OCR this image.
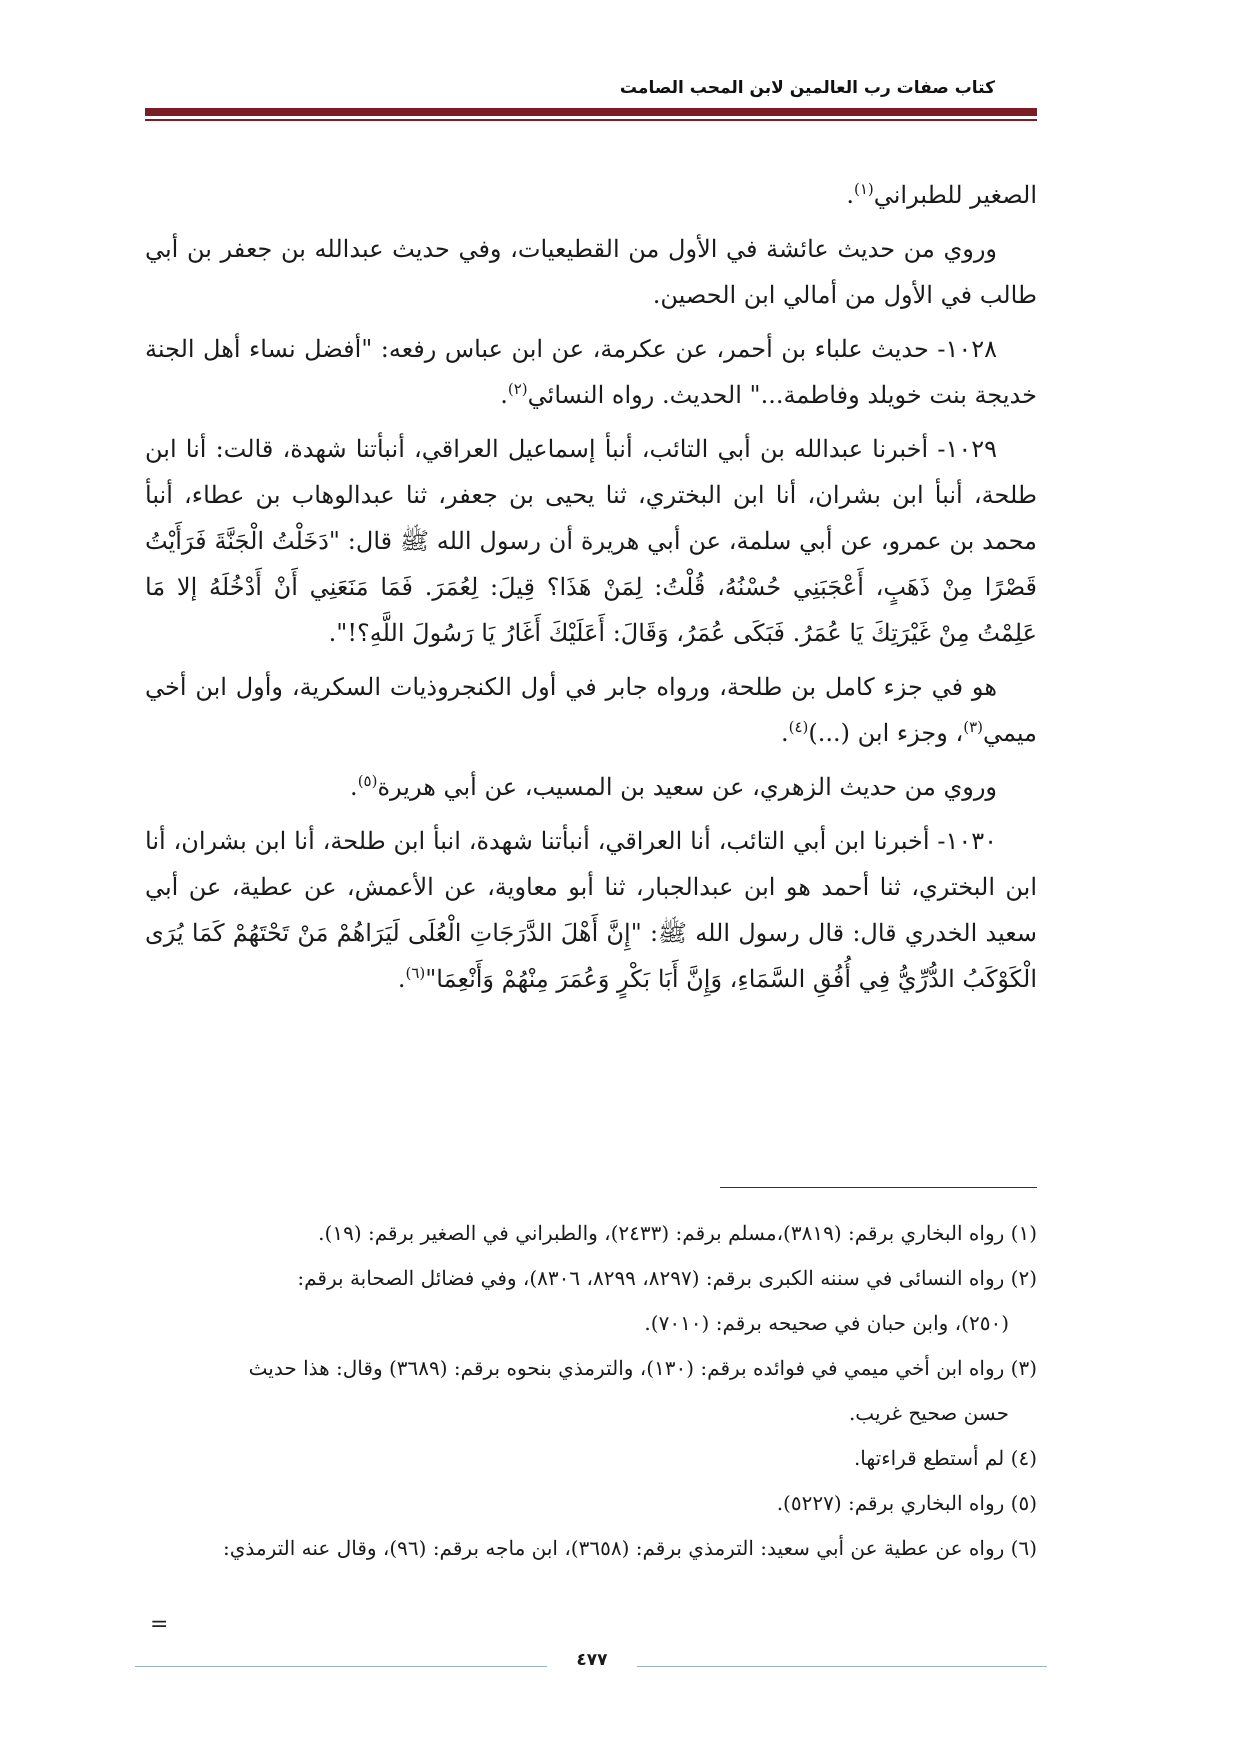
كتاب صفات رب العالمين لابن المحب الصامت

الصغير للطبراني$^{(١)}$.

وروي من حديث عائشة في الأول من القطيعيات، وفي حديث عبدالله بن جعفر بن أبي طالب في الأول من أمالي ابن الحصين.

١٠٢٨- حديث علباء بن أحمر، عن عكرمة، عن ابن عباس رفعه: "أفضل نساء أهل الجنة خديجة بنت خويلد وفاطمة..." الحديث. رواه النسائي$^{(٢)}$.

١٠٢٩- أخبرنا عبدالله بن أبي التائب، أنبأ إسماعيل العراقي، أنبأتنا شهدة، قالت: أنا ابن طلحة، أنبأ ابن بشران، أنا ابن البختري، ثنا يحيى بن جعفر، ثنا عبدالوهاب بن عطاء، أنبأ محمد بن عمرو، عن أبي سلمة، عن أبي هريرة أن رسول الله ﷺ قال: "دَخَلْتُ الْجَنَّةَ فَرَأَيْتُ قَصْرًا مِنْ ذَهَبٍ، أَعْجَبَنِي حُسْنُهُ، قُلْتُ: لِمَنْ هَذَا؟ قِيلَ: لِعُمَرَ. فَمَا مَنَعَنِي أَنْ أَدْخُلَهُ إلا مَا عَلِمْتُ مِنْ غَيْرَتِكَ يَا عُمَرُ. فَبَكَى عُمَرُ، وَقَالَ: أَعَلَيْكَ أَغَارُ يَا رَسُولَ اللَّهِ؟!".

هو في جزء كامل بن طلحة، ورواه جابر في أول الكنجروذيات السكرية، وأول ابن أخي ميمي$^{(٣)}$، وجزء ابن (...)$^{(٤)}$.

وروي من حديث الزهري، عن سعيد بن المسيب، عن أبي هريرة$^{(٥)}$.

١٠٣٠- أخبرنا ابن أبي التائب، أنا العراقي، أنبأتنا شهدة، انبأ ابن طلحة، أنا ابن بشران، أنا ابن البختري، ثنا أحمد هو ابن عبدالجبار، ثنا أبو معاوية، عن الأعمش، عن عطية، عن أبي سعيد الخدري قال: قال رسول الله ﷺ: "إِنَّ أَهْلَ الدَّرَجَاتِ الْعُلَى لَيَرَاهُمْ مَنْ تَحْتَهُمْ كَمَا يُرَى الْكَوْكَبُ الدُّرِّيُّ فِي أُفُقِ السَّمَاءِ، وَإِنَّ أَبَا بَكْرٍ وَعُمَرَ مِنْهُمْ وَأَنْعِمَا"$^{(٦)}$.

(١) رواه البخاري برقم: (٣٨١٩)،مسلم برقم: (٢٤٣٣)، والطبراني في الصغير برقم: (١٩).
(٢) رواه النسائى في سننه الكبرى برقم: (٨٢٩٧، ٨٢٩٩، ٨٣٠٦)، وفي فضائل الصحابة برقم:
(٢٥٠)، وابن حبان في صحيحه برقم: (٧٠١٠).
(٣) رواه ابن أخي ميمي في فوائده برقم: (١٣٠)، والترمذي بنحوه برقم: (٣٦٨٩) وقال: هذا حديث
حسن صحيح غريب.
(٤) لم أستطع قراءتها.
(٥) رواه البخاري برقم: (٥٢٢٧).
(٦) رواه عن عطية عن أبي سعيد: الترمذي برقم: (٣٦٥٨)، ابن ماجه برقم: (٩٦)، وقال عنه الترمذي:
=
٤٧٧
